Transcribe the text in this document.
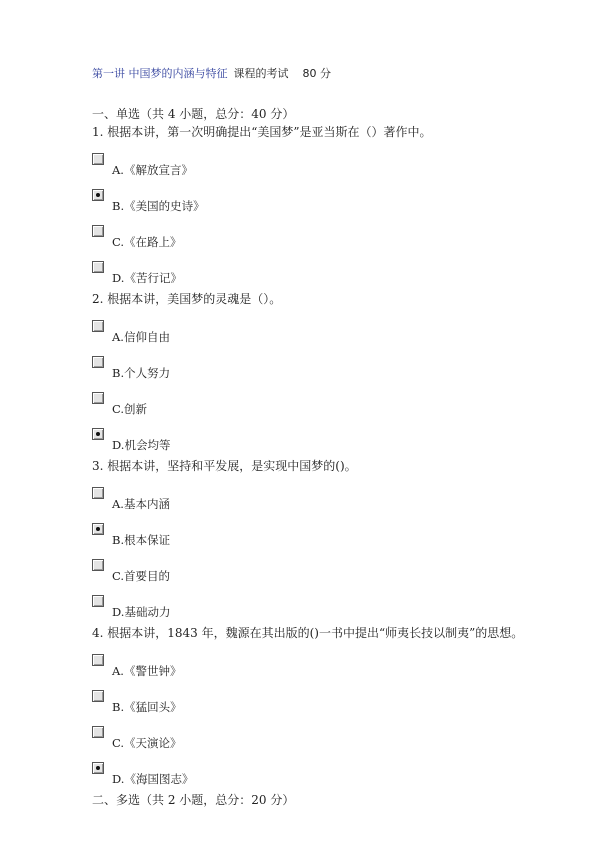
第一讲 中国梦的内涵与特征 课程的考试 80 分
一、单选（共 4 小题，总分：40 分）
1. 根据本讲，第一次明确提出“美国梦”是亚当斯在（）著作中。
A.《解放宣言》
B.《美国的史诗》
C.《在路上》
D.《苦行记》
2. 根据本讲，美国梦的灵魂是（）。
A.信仰自由
B.个人努力
C.创新
D.机会均等
3. 根据本讲，坚持和平发展，是实现中国梦的()。
A.基本内涵
B.根本保证
C.首要目的
D.基础动力
4. 根据本讲，1843 年，魏源在其出版的()一书中提出“师夷长技以制夷”的思想。
A.《警世钟》
B.《猛回头》
C.《天演论》
D.《海国图志》
二、多选（共 2 小题，总分：20 分）
